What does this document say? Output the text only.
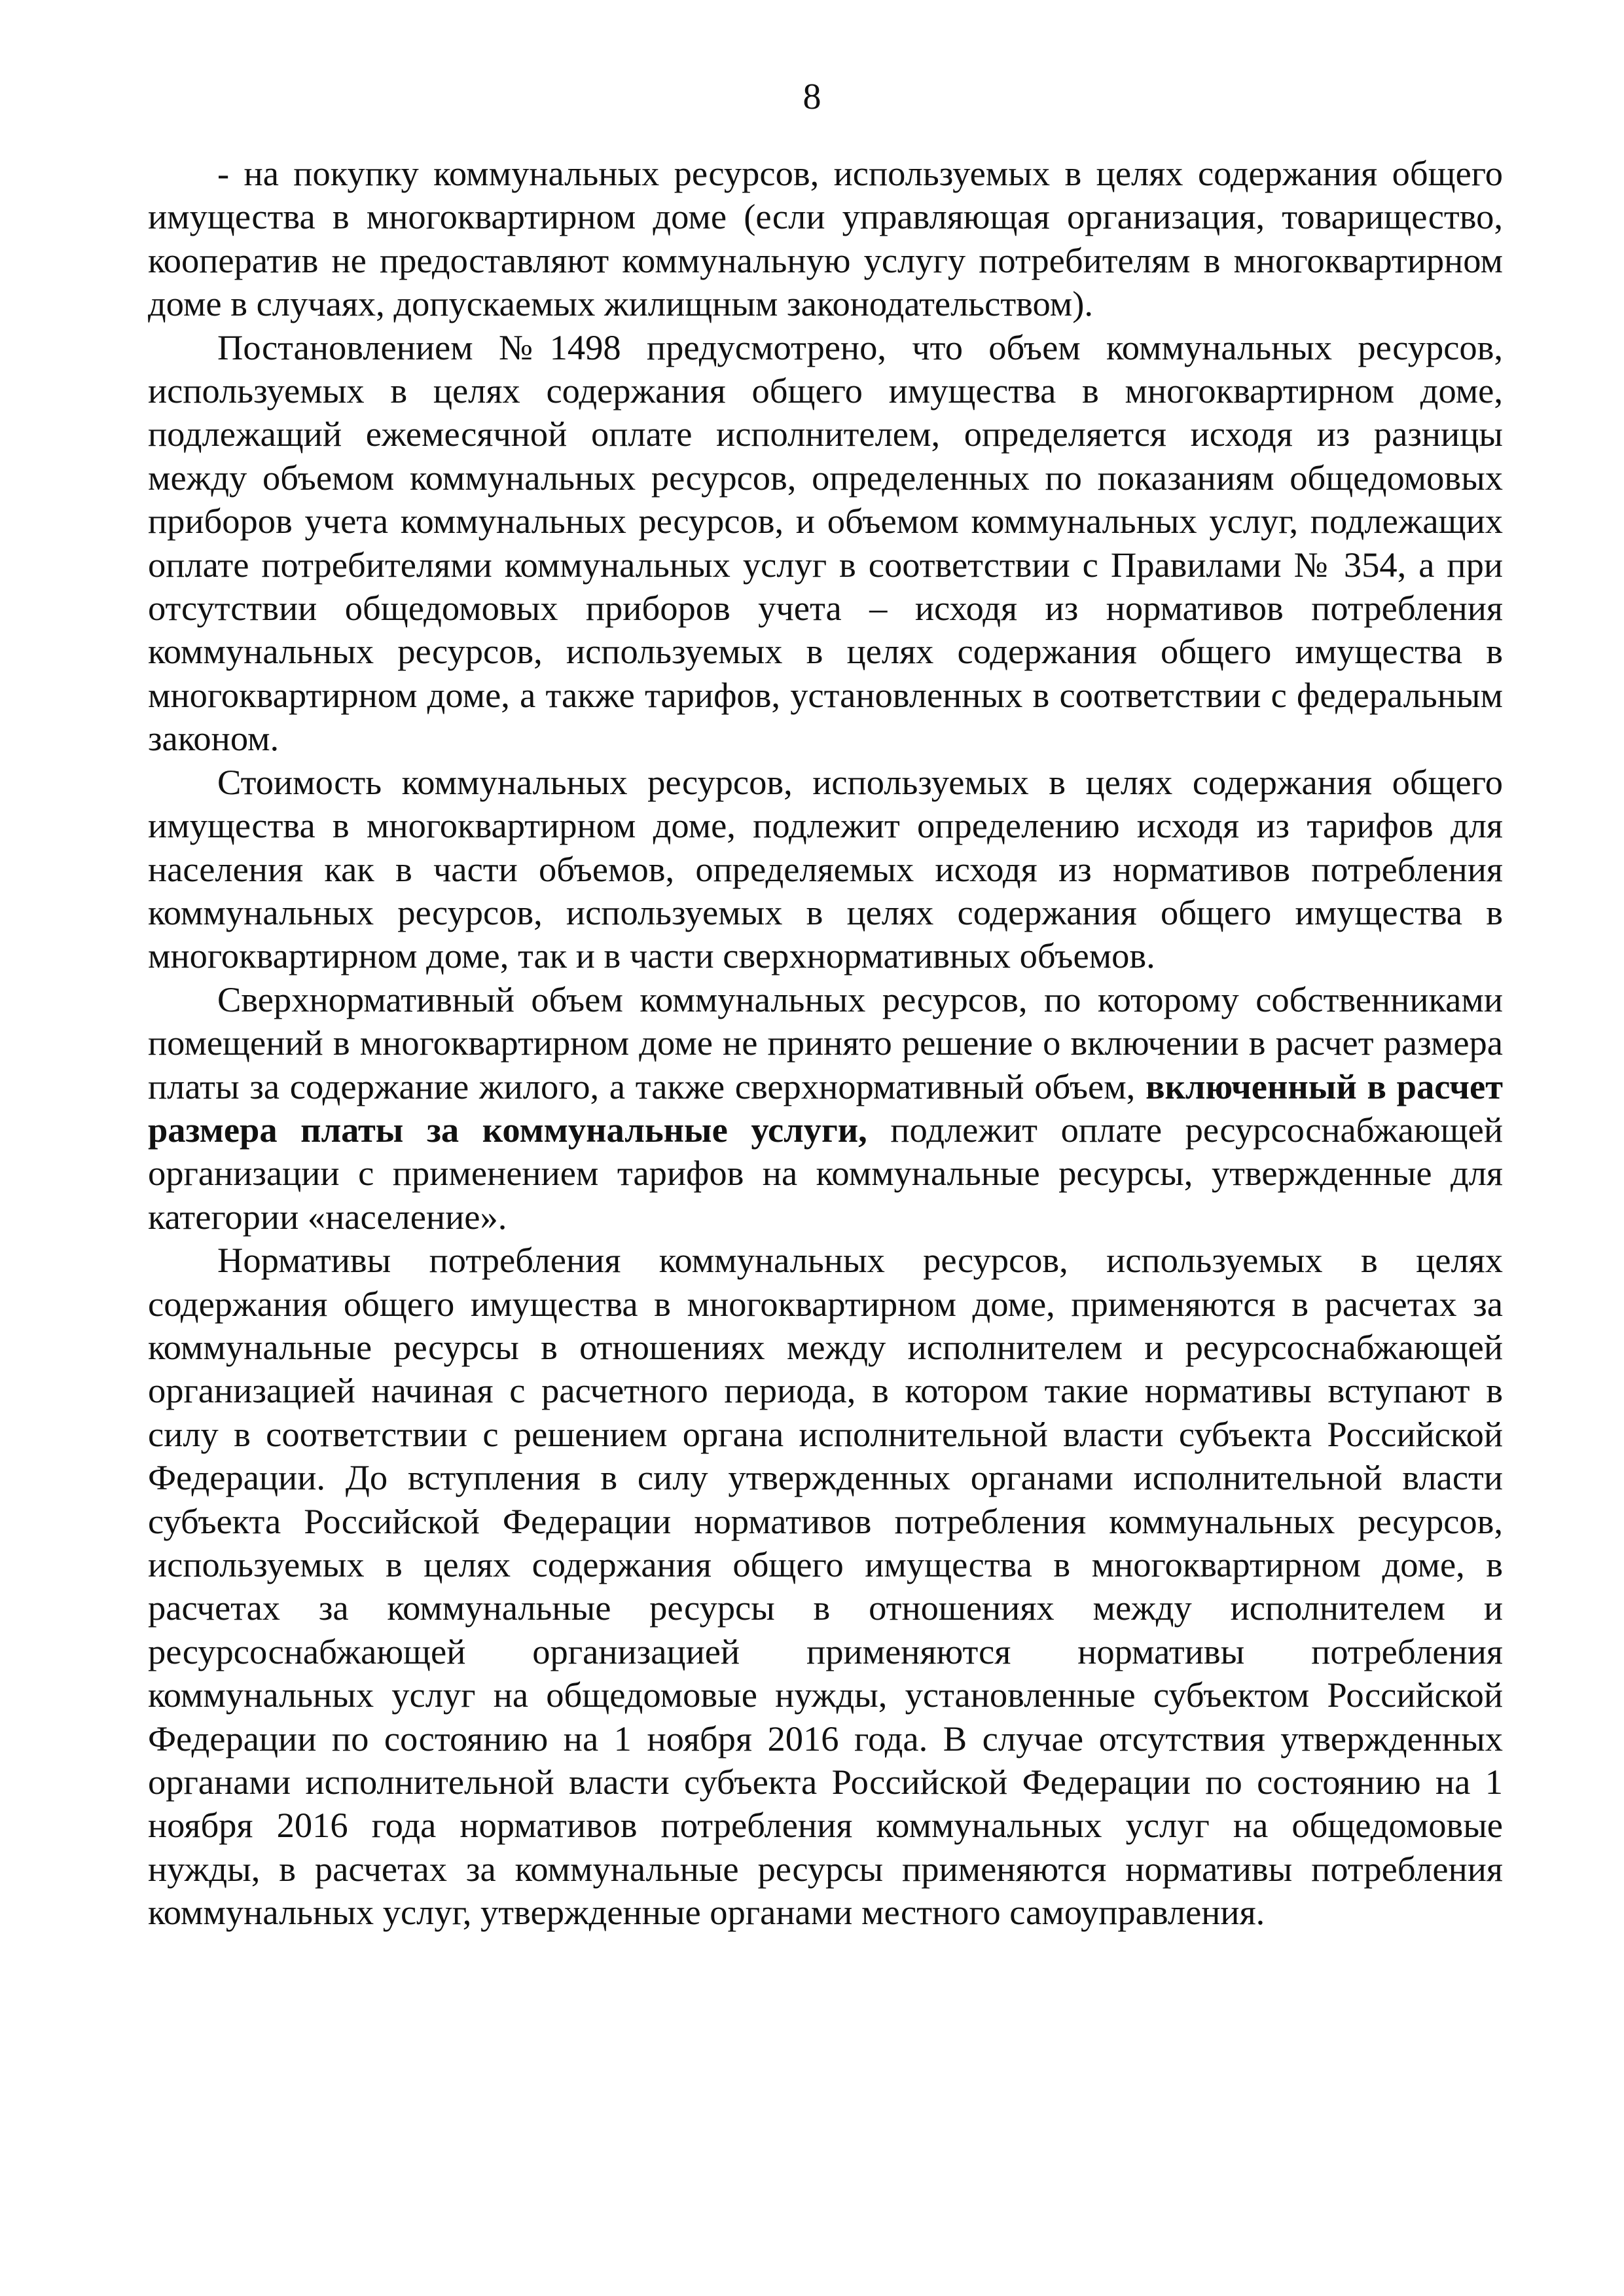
8

- на покупку коммунальных ресурсов, используемых в целях содержания общего имущества в многоквартирном доме (если управляющая организация, товарищество, кооператив не предоставляют коммунальную услугу потребителям в многоквартирном доме в случаях, допускаемых жилищным законодательством).

Постановлением №1498 предусмотрено, что объем коммунальных ресурсов, используемых в целях содержания общего имущества в многоквартирном доме, подлежащий ежемесячной оплате исполнителем, определяется исходя из разницы между объемом коммунальных ресурсов, определенных по показаниям общедомовых приборов учета коммунальных ресурсов, и объемом коммунальных услуг, подлежащих оплате потребителями коммунальных услуг в соответствии с Правилами № 354, а при отсутствии общедомовых приборов учета – исходя из нормативов потребления коммунальных ресурсов, используемых в целях содержания общего имущества в многоквартирном доме, а также тарифов, установленных в соответствии с федеральным законом.

Стоимость коммунальных ресурсов, используемых в целях содержания общего имущества в многоквартирном доме, подлежит определению исходя из тарифов для населения как в части объемов, определяемых исходя из нормативов потребления коммунальных ресурсов, используемых в целях содержания общего имущества в многоквартирном доме, так и в части сверхнормативных объемов.

Сверхнормативный объем коммунальных ресурсов, по которому собственниками помещений в многоквартирном доме не принято решение о включении в расчет размера платы за содержание жилого, а также сверхнормативный объем, включенный в расчет размера платы за коммунальные услуги, подлежит оплате ресурсоснабжающей организации с применением тарифов на коммунальные ресурсы, утвержденные для категории «население».

Нормативы потребления коммунальных ресурсов, используемых в целях содержания общего имущества в многоквартирном доме, применяются в расчетах за коммунальные ресурсы в отношениях между исполнителем и ресурсоснабжающей организацией начиная с расчетного периода, в котором такие нормативы вступают в силу в соответствии с решением органа исполнительной власти субъекта Российской Федерации. До вступления в силу утвержденных органами исполнительной власти субъекта Российской Федерации нормативов потребления коммунальных ресурсов, используемых в целях содержания общего имущества в многоквартирном доме, в расчетах за коммунальные ресурсы в отношениях между исполнителем и ресурсоснабжающей организацией применяются нормативы потребления коммунальных услуг на общедомовые нужды, установленные субъектом Российской Федерации по состоянию на 1 ноября 2016 года. В случае отсутствия утвержденных органами исполнительной власти субъекта Российской Федерации по состоянию на 1 ноября 2016 года нормативов потребления коммунальных услуг на общедомовые нужды, в расчетах за коммунальные ресурсы применяются нормативы потребления коммунальных услуг, утвержденные органами местного самоуправления.
